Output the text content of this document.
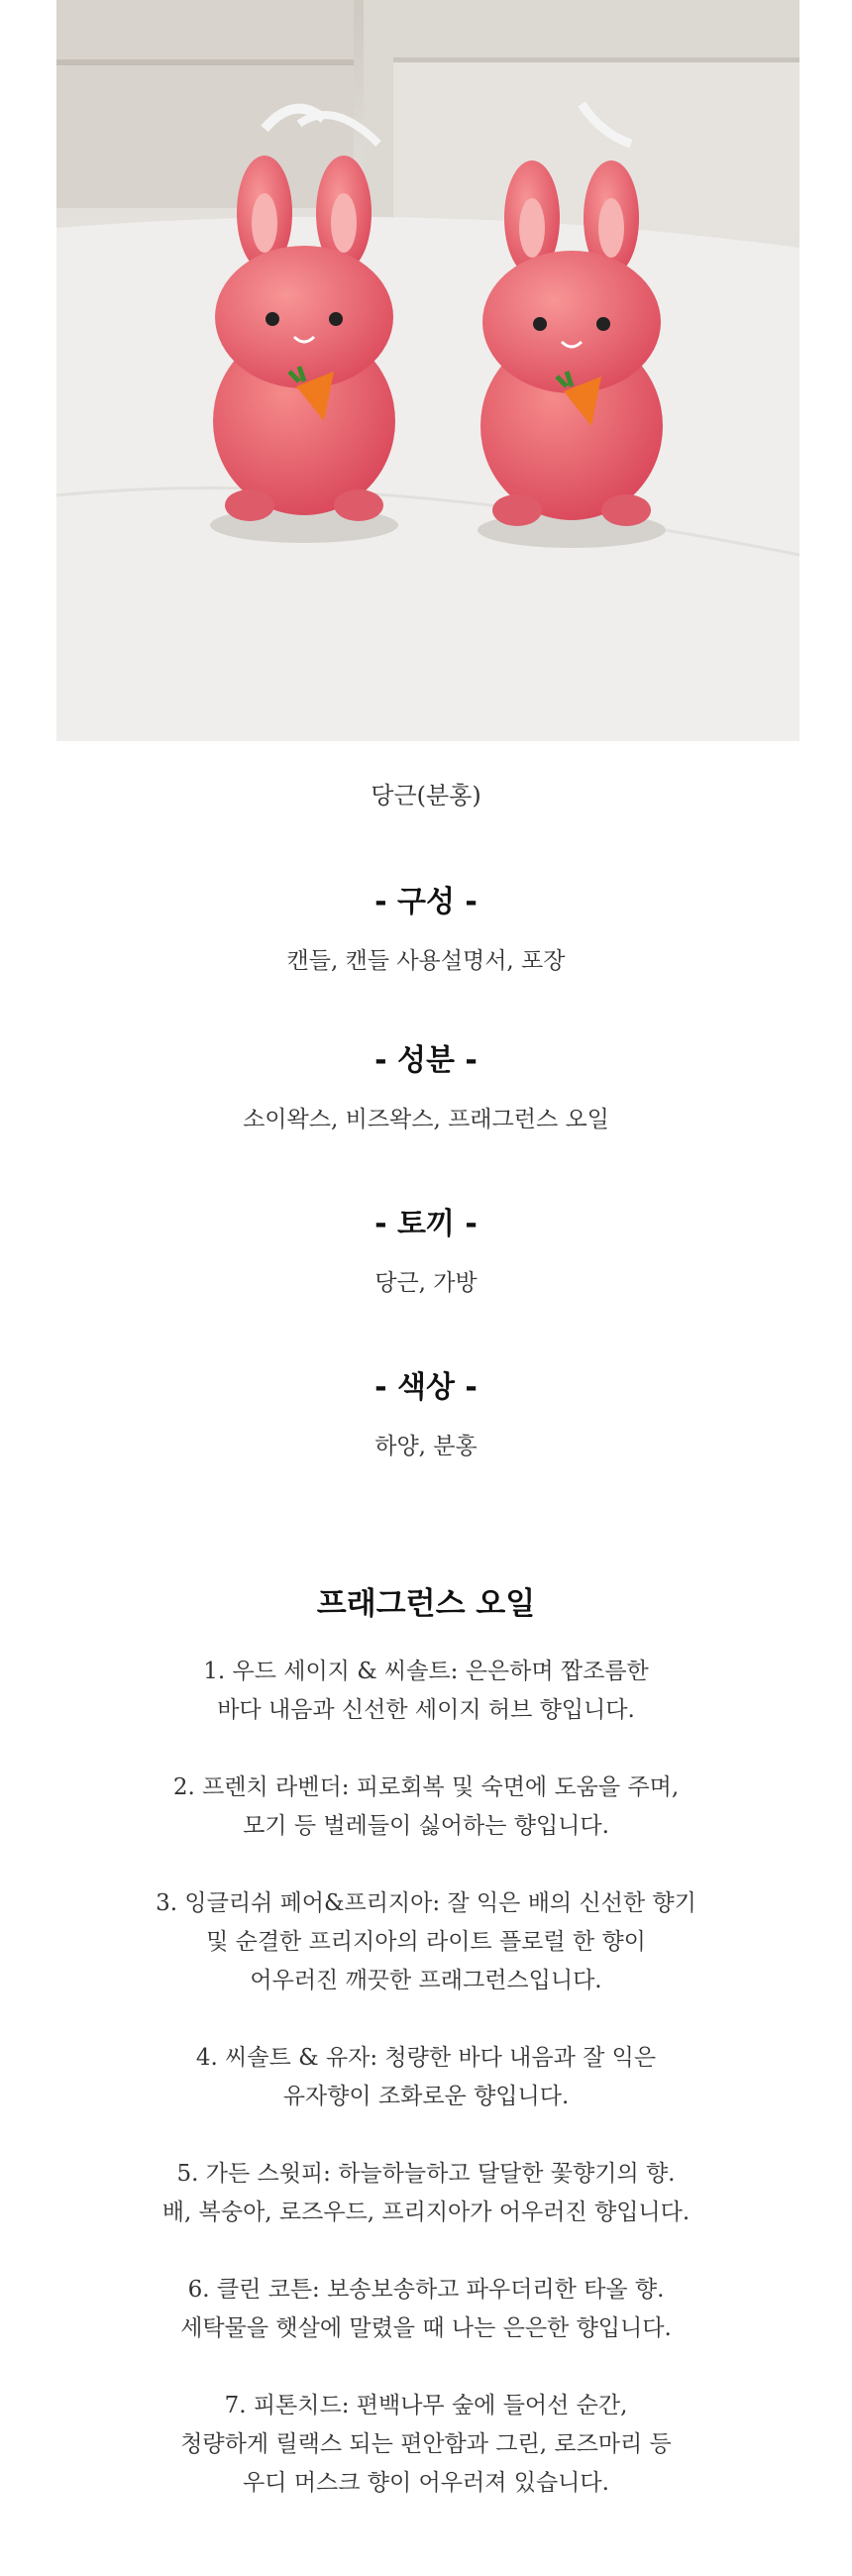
당근(분홍)
- 구성 -

캔들, 캔들 사용설명서, 포장

- 성분 -

소이왁스, 비즈왁스, 프래그런스 오일

- 토끼 -

당근, 가방

- 색상 -

하양, 분홍

프래그런스 오일
1. 우드 세이지 & 씨솔트: 은은하며 짭조름한
바다 내음과 신선한 세이지 허브 향입니다.
2. 프렌치 라벤더: 피로회복 및 숙면에 도움을 주며,
모기 등 벌레들이 싫어하는 향입니다.
3. 잉글리쉬 페어&프리지아: 잘 익은 배의 신선한 향기
및 순결한 프리지아의 라이트 플로럴 한 향이
어우러진 깨끗한 프래그런스입니다.
4. 씨솔트 & 유자: 청량한 바다 내음과 잘 익은
유자향이 조화로운 향입니다.
5. 가든 스윗피: 하늘하늘하고 달달한 꽃향기의 향.
배, 복숭아, 로즈우드, 프리지아가 어우러진 향입니다.
6. 클린 코튼: 보송보송하고 파우더리한 타올 향.
세탁물을 햇살에 말렸을 때 나는 은은한 향입니다.
7. 피톤치드: 편백나무 숲에 들어선 순간,
청량하게 릴랙스 되는 편안함과 그린, 로즈마리 등
우디 머스크 향이 어우러져 있습니다.
